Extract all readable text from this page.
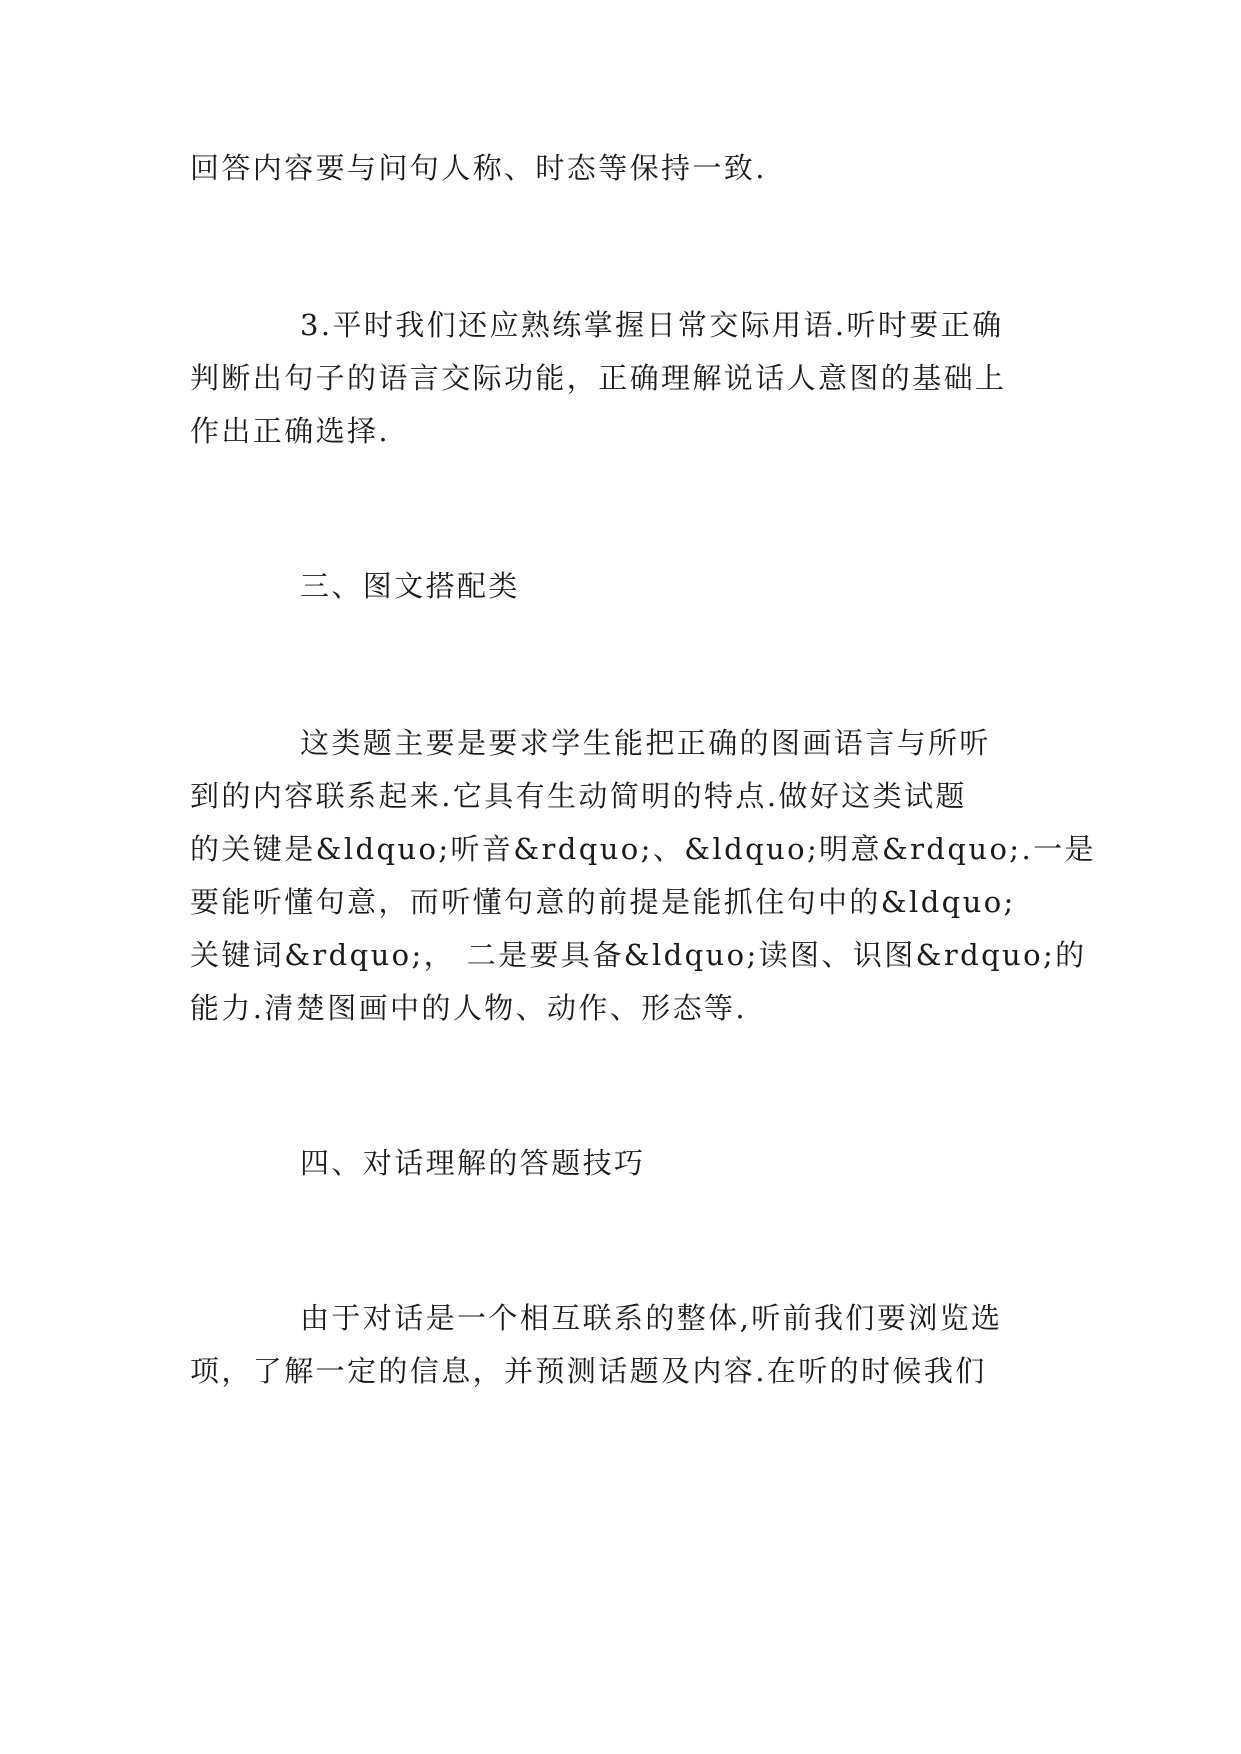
回答内容要与问句人称、时态等保持一致.
3.平时我们还应熟练掌握日常交际用语.听时要正确
判断出句子的语言交际功能，正确理解说话人意图的基础上
作出正确选择.
三、图文搭配类
这类题主要是要求学生能把正确的图画语言与所听
到的内容联系起来.它具有生动简明的特点.做好这类试题
的关键是&ldquo;听音&rdquo;、&ldquo;明意&rdquo;.一是
要能听懂句意，而听懂句意的前提是能抓住句中的&ldquo;
关键词&rdquo;， 二是要具备&ldquo;读图、识图&rdquo;的
能力.清楚图画中的人物、动作、形态等.
四、对话理解的答题技巧
由于对话是一个相互联系的整体,听前我们要浏览选
项，了解一定的信息，并预测话题及内容.在听的时候我们
